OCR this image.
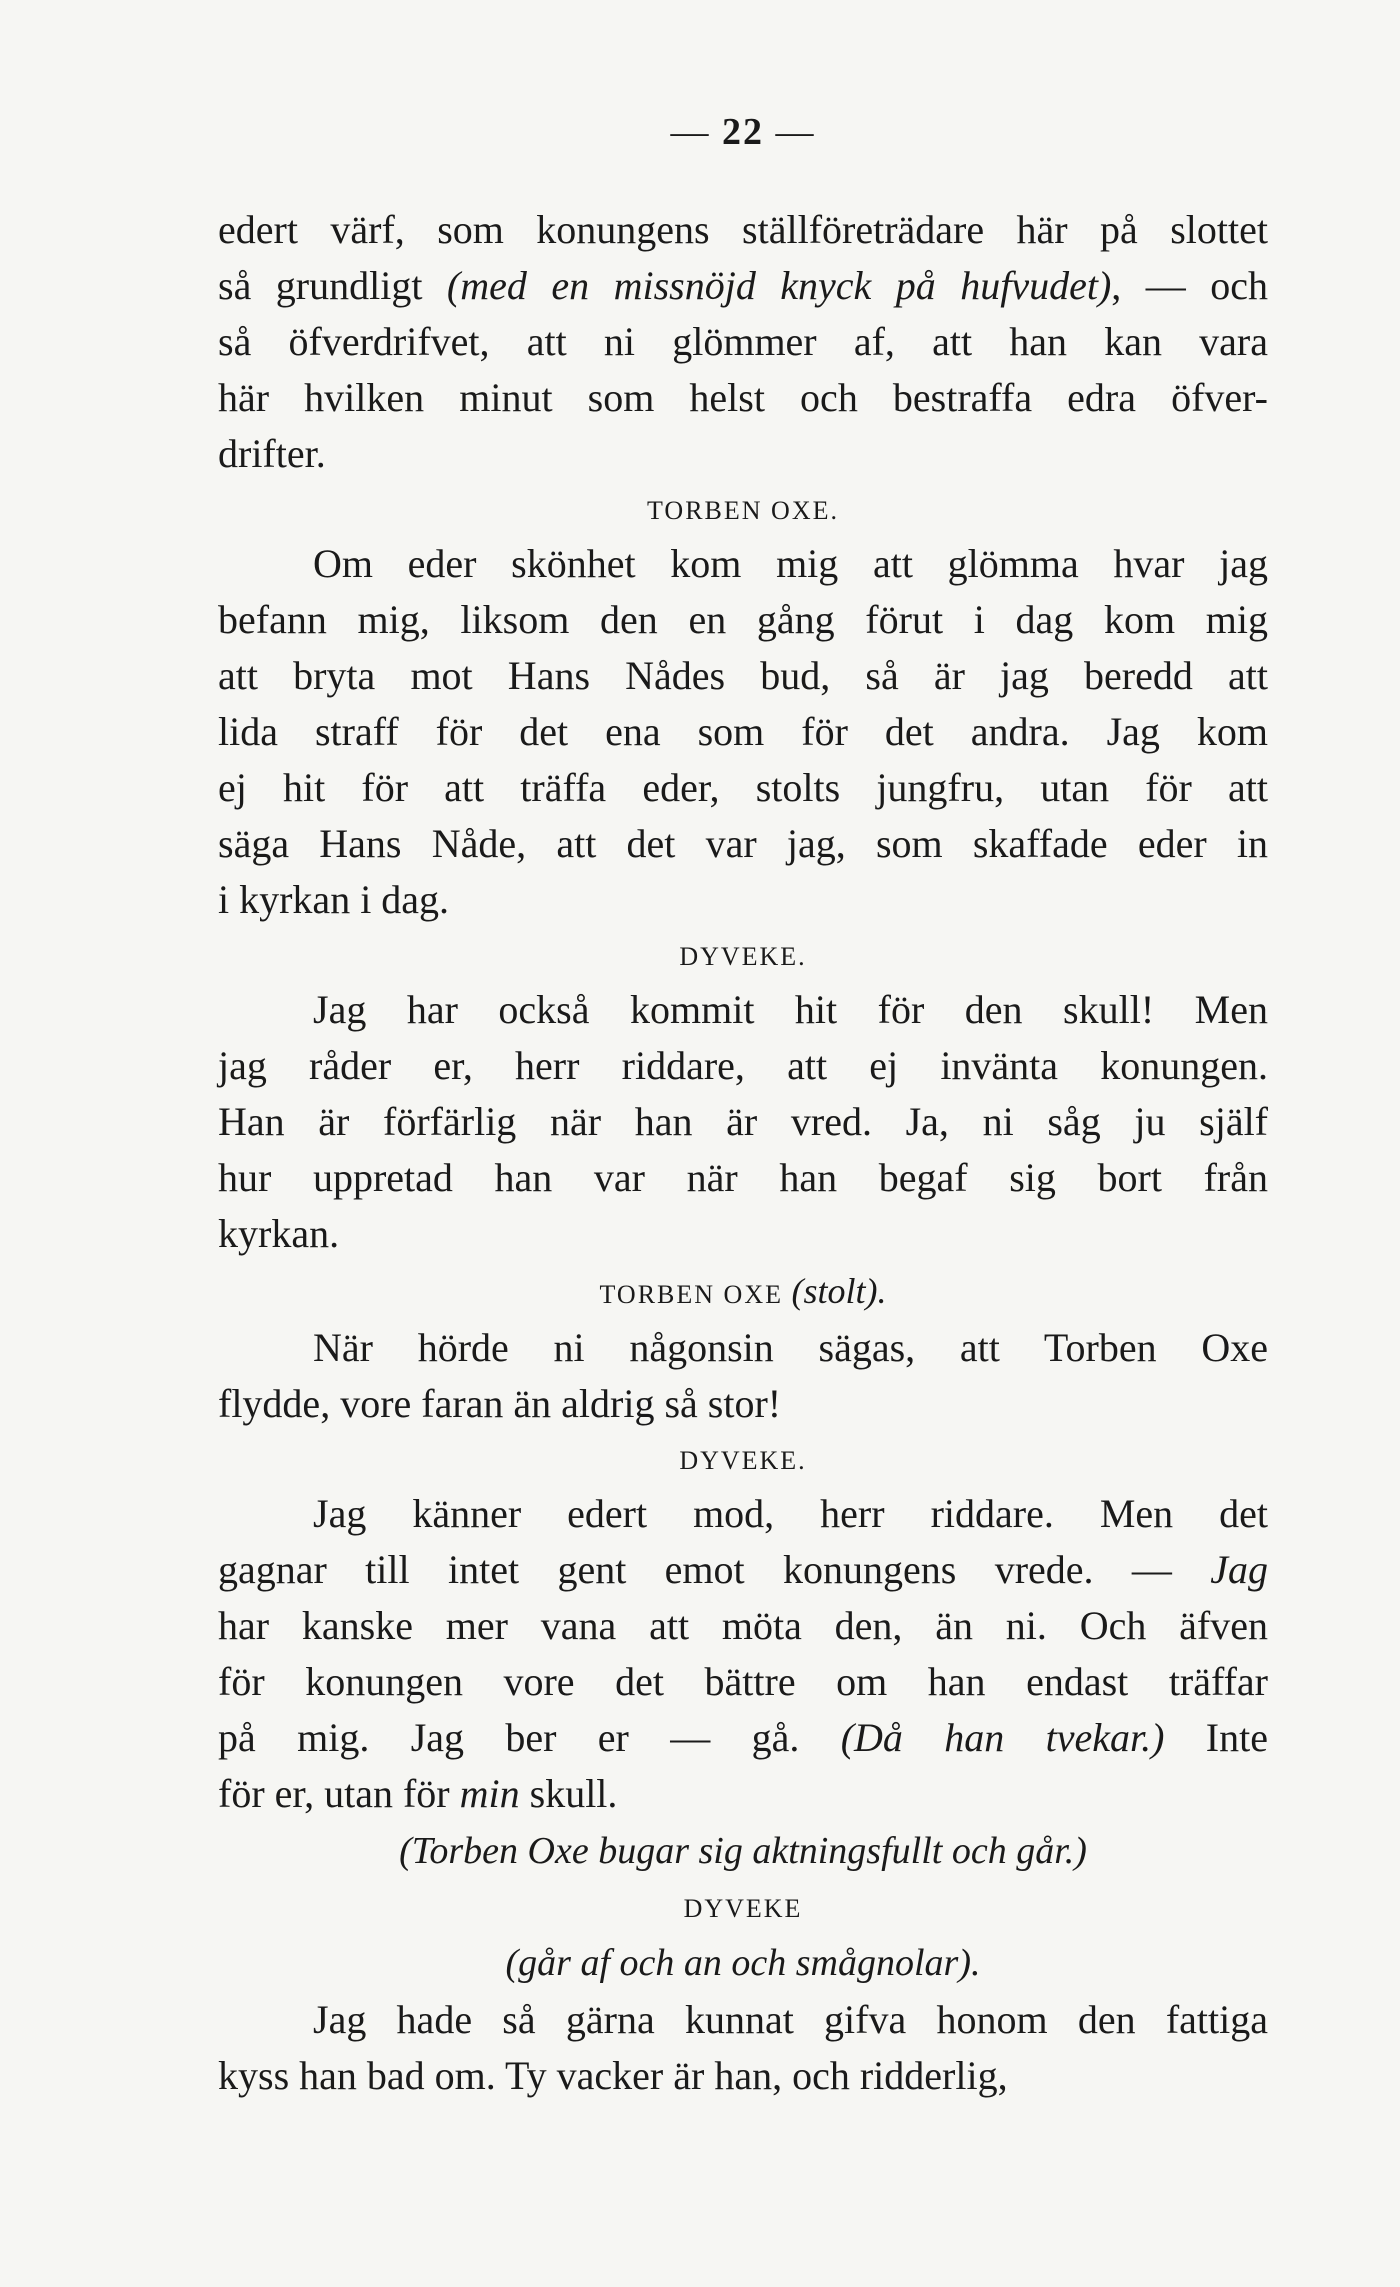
— 22 —
edert värf, som konungens ställföreträdare här på slottet
så grundligt (med en missnöjd knyck på hufvudet), — och
så öfverdrifvet, att ni glömmer af, att han kan vara
här hvilken minut som helst och bestraffa edra öfver-
drifter.
TORBEN OXE.
Om eder skönhet kom mig att glömma hvar jag
befann mig, liksom den en gång förut i dag kom mig
att bryta mot Hans Nådes bud, så är jag beredd att
lida straff för det ena som för det andra. Jag kom
ej hit för att träffa eder, stolts jungfru, utan för att
säga Hans Nåde, att det var jag, som skaffade eder in
i kyrkan i dag.
DYVEKE.
Jag har också kommit hit för den skull! Men
jag råder er, herr riddare, att ej invänta konungen.
Han är förfärlig när han är vred. Ja, ni såg ju själf
hur uppretad han var när han begaf sig bort från
kyrkan.
TORBEN OXE (stolt).
När hörde ni någonsin sägas, att Torben Oxe
flydde, vore faran än aldrig så stor!
DYVEKE.
Jag känner edert mod, herr riddare. Men det
gagnar till intet gent emot konungens vrede. — Jag
har kanske mer vana att möta den, än ni. Och äfven
för konungen vore det bättre om han endast träffar
på mig. Jag ber er — gå. (Då han tvekar.) Inte
för er, utan för min skull.
(Torben Oxe bugar sig aktningsfullt och går.)
DYVEKE
(går af och an och smågnolar).
Jag hade så gärna kunnat gifva honom den fattiga
kyss han bad om. Ty vacker är han, och ridderlig,
